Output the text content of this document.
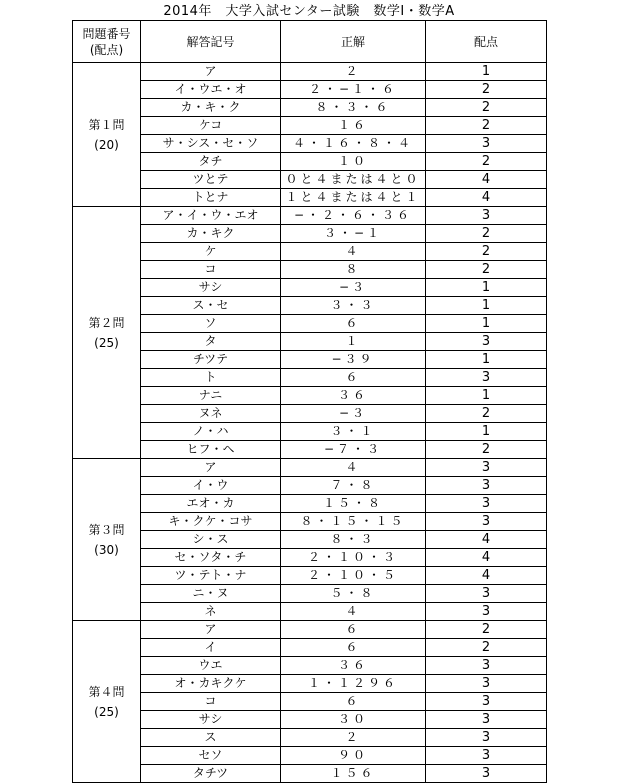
2014年　大学入試センター試験　数学Ⅰ・数学A
問題番号
(配点)	解答記号	正解	配点

第１問
(20)	ア	２	1
	イ・ウエ・オ	２・−１・６	2
	カ・キ・ク	８・３・６	2
	ケコ	１６	2
	サ・シス・セ・ソ	４・１６・８・４	3
	タチ	１０	2
	ツとテ	０と４または４と０	4
	トとナ	１と４または４と１	4

第２問
(25)	ア・イ・ウ・エオ	−・２・６・３６	3
	カ・キク	３・−１	2
	ケ	４	2
	コ	８	2
	サシ	−３	1
	ス・セ	３・３	1
	ソ	６	1
	タ	１	3
	チツテ	−３９	1
	ト	６	3
	ナニ	３６	1
	ヌネ	−３	2
	ノ・ハ	３・１	1
	ヒフ・ヘ	−７・３	2

第３問
(30)	ア	４	3
	イ・ウ	７・８	3
	エオ・カ	１５・８	3
	キ・クケ・コサ	８・１５・１５	3
	シ・ス	８・３	4
	セ・ソタ・チ	２・１０・３	4
	ツ・テト・ナ	２・１０・５	4
	ニ・ヌ	５・８	3
	ネ	４	3

第４問
(25)	ア	６	2
	イ	６	2
	ウエ	３６	3
	オ・カキクケ	１・１２９６	3
	コ	６	3
	サシ	３０	3
	ス	２	3
	セソ	９０	3
	タチツ	１５６	3
